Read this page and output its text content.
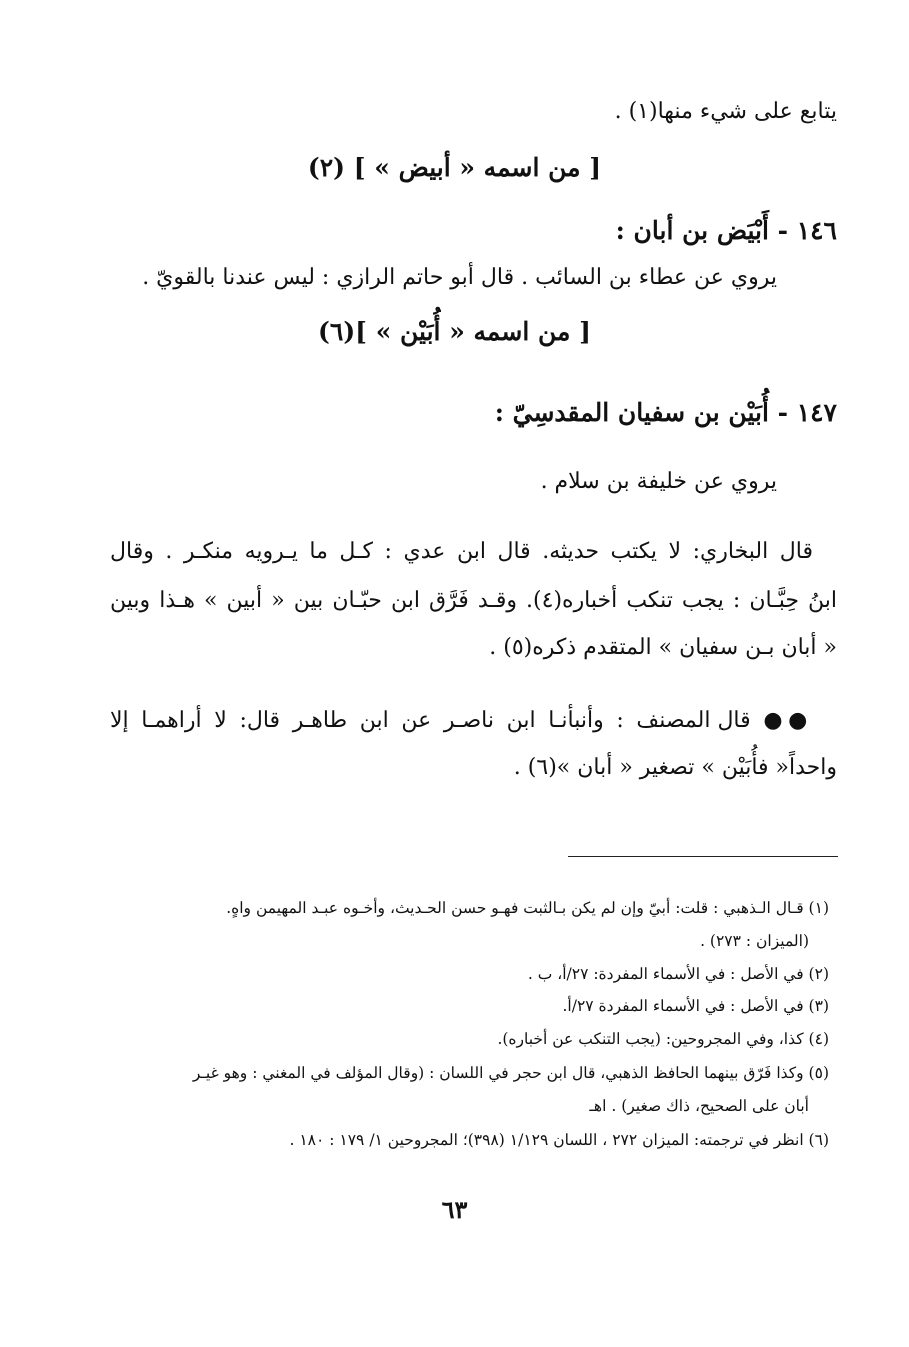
يتابع على شيء منها(١) .

[ من اسمه « أبيض » ] (٢)

١٤٦ - أَبْيَض بن أبان :

يروي عن عطاء بن السائب . قال أبو حاتم الرازي : ليس عندنا بالقويّ .

[ من اسمه « أُبَيْن » ](٦)

١٤٧ - أُبَيْن بن سفيان المقدسِيّ :

يروي عن خليفة بن سلام .

قال البخاري: لا يكتب حديثه. قال ابن عدي : كـل ما يـرويه منكـر . وقال

ابنُ حِبَّـان : يجب تنكب أخباره(٤). وقـد فَرَّق ابن حبّـان بين « أبين » هـذا وبين

« أبان بـن سفيان » المتقدم ذكره(٥) .

●● قال المصنف : وأنبأنـا ابن ناصـر عن ابن طاهـر قال: لا أراهمـا إلا

واحداً« فأُبَيْن » تصغير « أبان »(٦) .

(١) قـال الـذهبي : قلت: أبيّ وإن لم يكن بـالثبت فهـو حسن الحـديث، وأخـوه عبـد المهيمن واهٍ.

(الميزان : ٢٧٣) .

(٢) في الأصل : في الأسماء المفردة: ٢٧/أ، ب .

(٣) في الأصل : في الأسماء المفردة ٢٧/أ.

(٤) كذا، وفي المجروحين: (يجب التنكب عن أخباره).

(٥) وكذا فَرّق بينهما الحافظ الذهبي، قال ابن حجر في اللسان : (وقال المؤلف في المغني : وهو غيـر

أبان على الصحيح، ذاك صغير) . اهـ

(٦) انظر في ترجمته: الميزان ٢٧٢ ، اللسان ١/١٢٩ (٣٩٨)؛ المجروحين ١/ ١٧٩ : ١٨٠ .

٦٣
